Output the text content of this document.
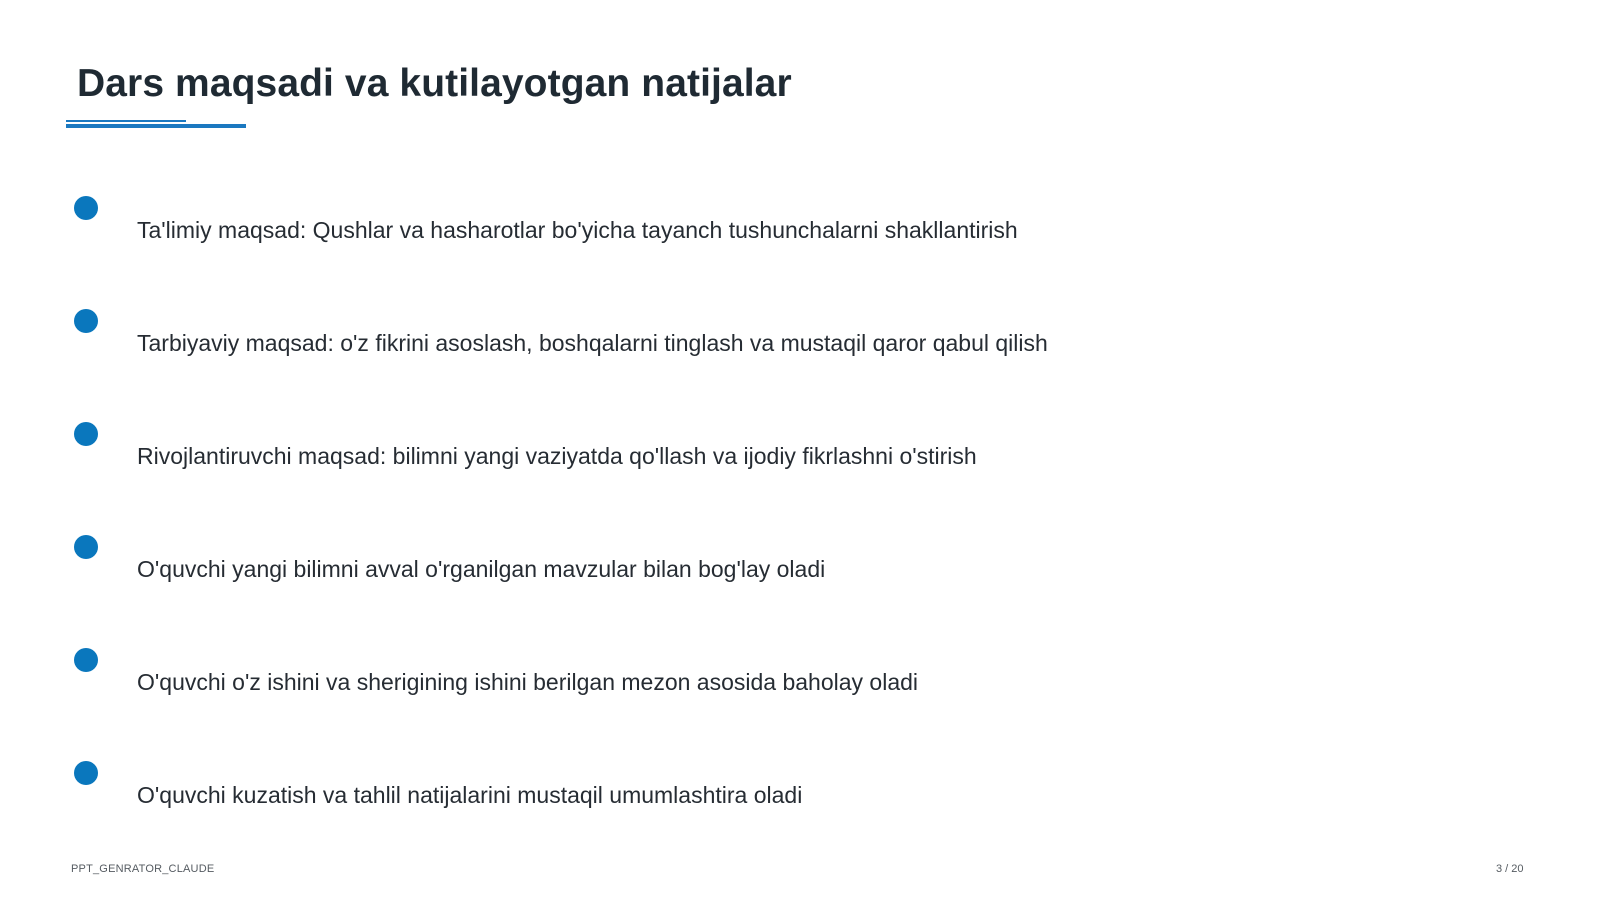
Dars maqsadi va kutilayotgan natijalar
Ta'limiy maqsad: Qushlar va hasharotlar bo'yicha tayanch tushunchalarni shakllantirish
Tarbiyaviy maqsad: o'z fikrini asoslash, boshqalarni tinglash va mustaqil qaror qabul qilish
Rivojlantiruvchi maqsad: bilimni yangi vaziyatda qo'llash va ijodiy fikrlashni o'stirish
O'quvchi yangi bilimni avval o'rganilgan mavzular bilan bog'lay oladi
O'quvchi o'z ishini va sherigining ishini berilgan mezon asosida baholay oladi
O'quvchi kuzatish va tahlil natijalarini mustaqil umumlashtira oladi
PPT_GENRATOR_CLAUDE	3 / 20
